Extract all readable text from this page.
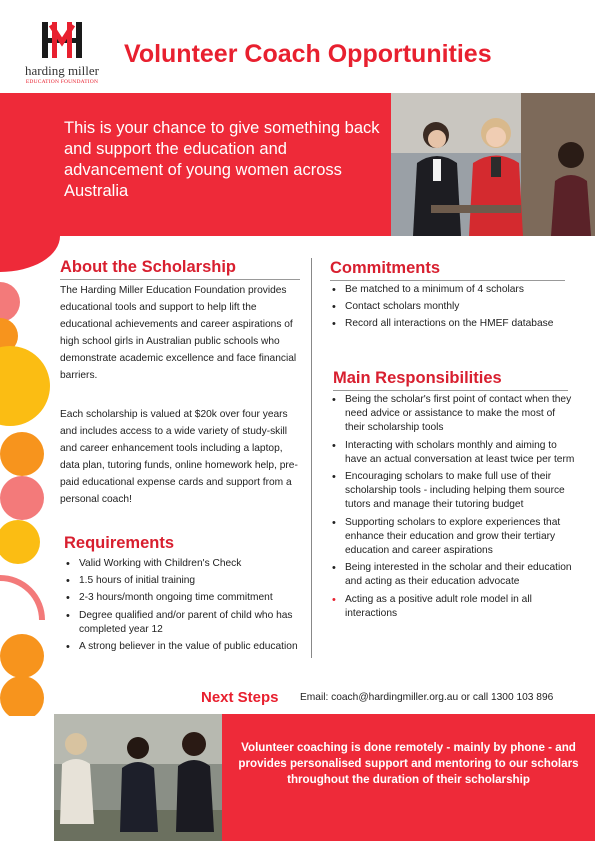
harding miller
EDUCATION FOUNDATION
Volunteer Coach Opportunities
This is your chance to give something back and support the education and advancement of young women across Australia
About the Scholarship

The Harding Miller Education Foundation provides educational tools and support to help lift the educational achievements and career aspirations of high school girls in Australian public schools who demonstrate academic excellence and face financial barriers.

Each scholarship is valued at $20k over four years and includes access to a wide variety of study-skill and career enhancement tools including a laptop, data plan, tutoring funds, online homework help, pre-paid educational expense cards and support from a personal coach!

Requirements
• Valid Working with Children's Check
• 1.5 hours of initial training
• 2-3 hours/month ongoing time commitment
• Degree qualified and/or parent of child who has completed year 12
• A strong believer in the value of public education
Commitments
• Be matched to a minimum of 4 scholars
• Contact scholars monthly
• Record all interactions on the HMEF database
Main Responsibilities
• Being the scholar's first point of contact when they need advice or assistance to make the most of their scholarship tools
• Interacting with scholars monthly and aiming to have an actual conversation at least twice per term
• Encouraging scholars to make full use of their scholarship tools - including helping them source tutors and manage their tutoring budget
• Supporting scholars to explore experiences that enhance their education and grow their tertiary education and career aspirations
• Being interested in the scholar and their education and acting as their education advocate
• Acting as a positive adult role model in all interactions
Next Steps Email: coach@hardingmiller.org.au or call 1300 103 896
Volunteer coaching is done remotely - mainly by phone - and provides personalised support and mentoring to our scholars throughout the duration of their scholarship
